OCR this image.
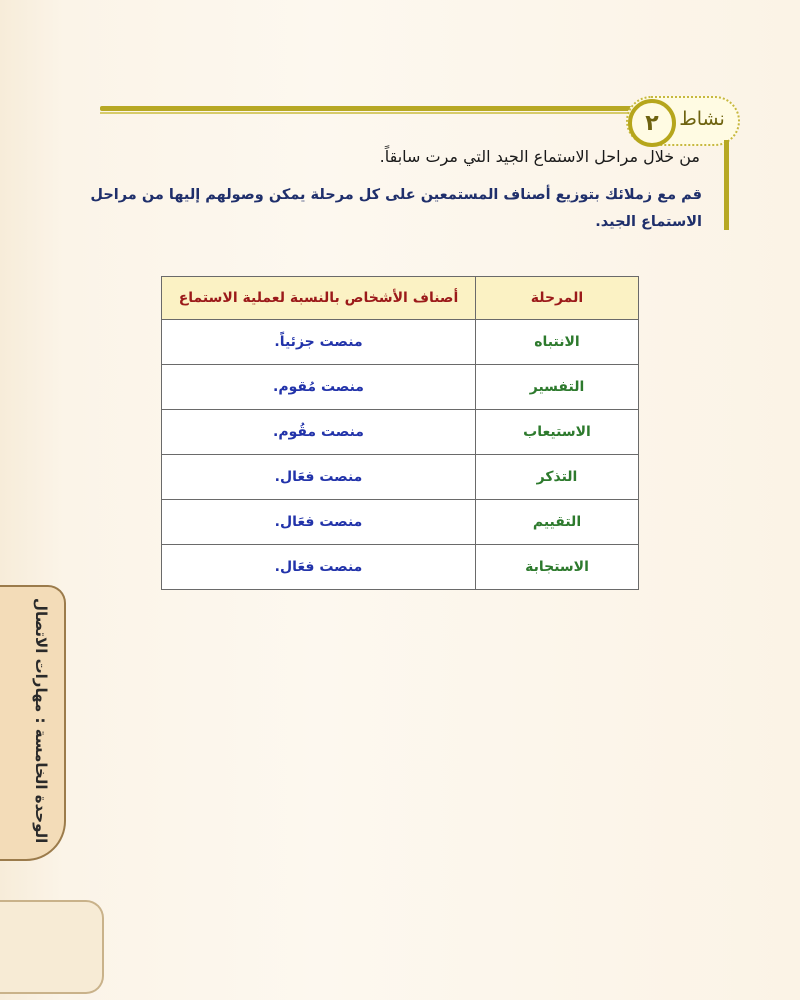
٢	نشاط
من خلال مراحل الاستماع الجيد التي مرت سابقاً.
قم مع زملائك بتوزيع أصناف المستمعين على كل مرحلة يمكن وصولهم إليها من مراحل الاستماع الجيد.
المرحلة	أصناف الأشخاص بالنسبة لعملية الاستماع
الانتباه	منصت جزئياً.
التفسير	منصت مُقوم.
الاستيعاب	منصت مقُوم.
التذكر	منصت فعَال.
التقييم	منصت فعَال.
الاستجابة	منصت فعَال.
الوحدة الخامسة : مهارات الاتصال
